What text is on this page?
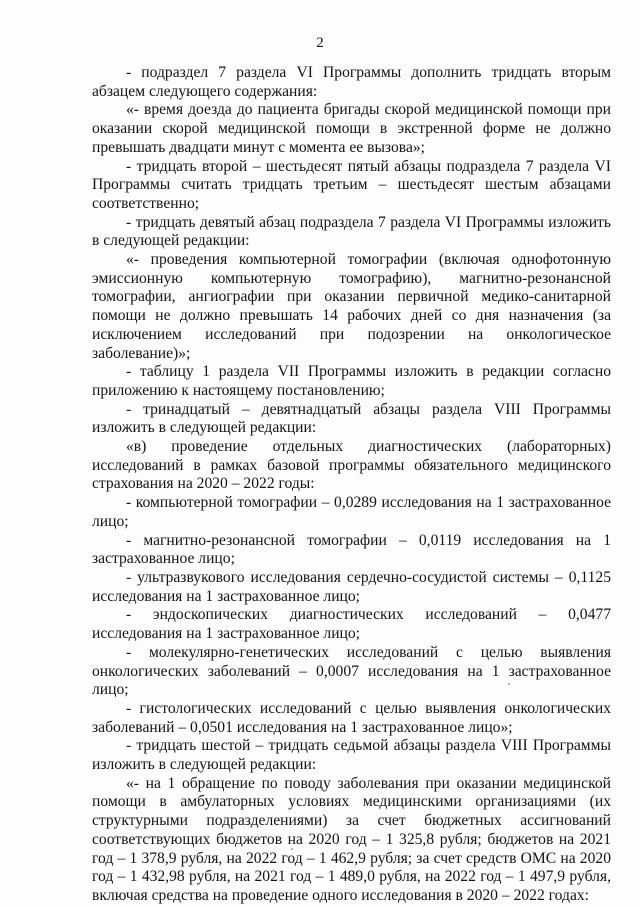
2

- подраздел 7 раздела VI Программы дополнить тридцать вторым абзацем следующего содержания:

«- время доезда до пациента бригады скорой медицинской помощи при оказании скорой медицинской помощи в экстренной форме не должно превышать двадцати минут с момента ее вызова»;

- тридцать второй – шестьдесят пятый абзацы подраздела 7 раздела VI Программы считать тридцать третьим – шестьдесят шестым абзацами соответственно;

- тридцать девятый абзац подраздела 7 раздела VI Программы изложить в следующей редакции:

«- проведения компьютерной томографии (включая однофотонную эмиссионную компьютерную томографию), магнитно-резонансной томографии, ангиографии при оказании первичной медико-санитарной помощи не должно превышать 14 рабочих дней со дня назначения (за исключением исследований при подозрении на онкологическое заболевание)»;

- таблицу 1 раздела VII Программы изложить в редакции согласно приложению к настоящему постановлению;

- тринадцатый – девятнадцатый абзацы раздела VIII Программы изложить в следующей редакции:

«в) проведение отдельных диагностических (лабораторных) исследований в рамках базовой программы обязательного медицинского страхования на 2020 – 2022 годы:

- компьютерной томографии – 0,0289 исследования на 1 застрахованное лицо;

- магнитно-резонансной томографии – 0,0119 исследования на 1 застрахованное лицо;

- ультразвукового исследования сердечно-сосудистой системы – 0,1125 исследования на 1 застрахованное лицо;

- эндоскопических диагностических исследований – 0,0477 исследования на 1 застрахованное лицо;

- молекулярно-генетических исследований с целью выявления онкологических заболеваний – 0,0007 исследования на 1 застрахованное лицо;

- гистологических исследований с целью выявления онкологических заболеваний – 0,0501 исследования на 1 застрахованное лицо»;

- тридцать шестой – тридцать седьмой абзацы раздела VIII Программы изложить в следующей редакции:

«- на 1 обращение по поводу заболевания при оказании медицинской помощи в амбулаторных условиях медицинскими организациями (их структурными подразделениями) за счет бюджетных ассигнований соответствующих бюджетов на 2020 год – 1 325,8 рубля; бюджетов на 2021 год – 1 378,9 рубля, на 2022 год – 1 462,9 рубля; за счет средств ОМС на 2020 год – 1 432,98 рубля, на 2021 год – 1 489,0 рубля, на 2022 год – 1 497,9 рубля, включая средства на проведение одного исследования в 2020 – 2022 годах:
